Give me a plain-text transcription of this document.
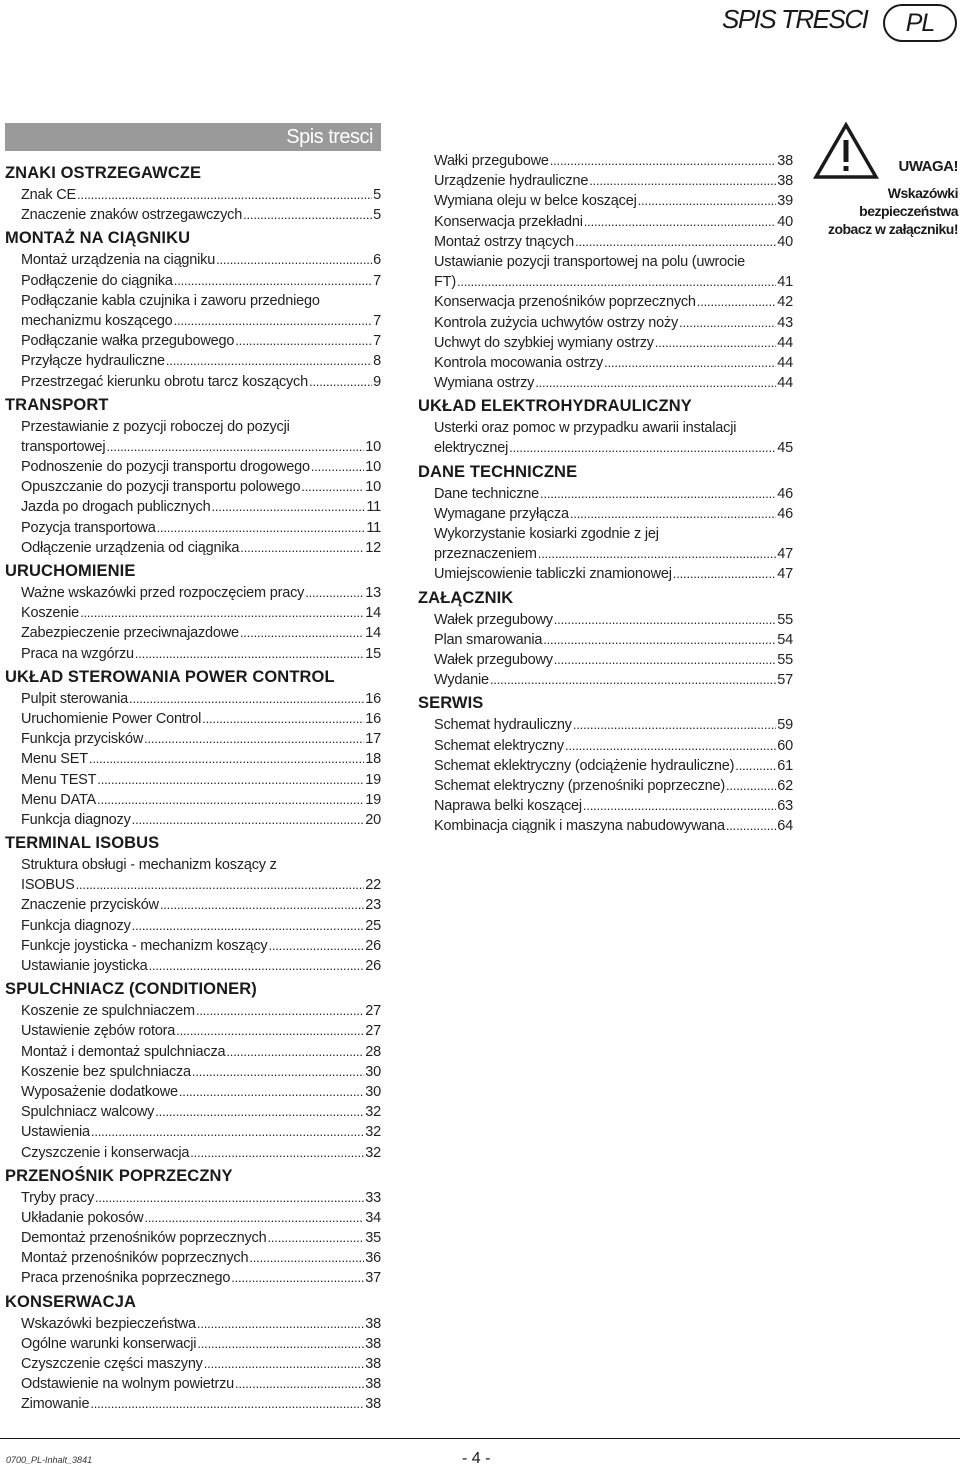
SPIS TRESCI	PL
Spis tresci
ZNAKI OSTRZEGAWCZE
Znak CE .....	5
Znaczenie znaków ostrzegawczych .....	5
MONTAŻ NA CIĄGNIKU
Montaż urządzenia na ciągniku .....	6
Podłączenie do ciągnika .....	7
Podłączanie kabla czujnika i zaworu przedniego
mechanizmu koszącego .....	7
Podłączanie wałka przegubowego .....	7
Przyłącze hydrauliczne .....	8
Przestrzegać kierunku obrotu tarcz koszących .....	9
TRANSPORT
Przestawianie z pozycji roboczej do pozycji
transportowej .....	10
Podnoszenie do pozycji transportu drogowego .....	10
Opuszczanie do pozycji transportu polowego .....	10
Jazda po drogach publicznych .....	11
Pozycja transportowa .....	11
Odłączenie urządzenia od ciągnika .....	12
URUCHOMIENIE
Ważne wskazówki przed rozpoczęciem pracy .....	13
Koszenie .....	14
Zabezpieczenie przeciwnajazdowe .....	14
Praca na wzgórzu .....	15
UKŁAD STEROWANIA POWER CONTROL
Pulpit sterowania .....	16
Uruchomienie Power Control .....	16
Funkcja przycisków .....	17
Menu SET .....	18
Menu TEST .....	19
Menu DATA .....	19
Funkcja diagnozy .....	20
TERMINAL ISOBUS
Struktura obsługi - mechanizm koszący z
ISOBUS .....	22
Znaczenie przycisków .....	23
Funkcja diagnozy .....	25
Funkcje joysticka - mechanizm koszący .....	26
Ustawianie joysticka .....	26
SPULCHNIACZ (CONDITIONER)
Koszenie ze spulchniaczem .....	27
Ustawienie zębów rotora .....	27
Montaż i demontaż spulchniacza .....	28
Koszenie bez spulchniacza .....	30
Wyposażenie dodatkowe .....	30
Spulchniacz walcowy .....	32
Ustawienia .....	32
Czyszczenie i konserwacja .....	32
PRZENOŚNIK POPRZECZNY
Tryby pracy .....	33
Układanie pokosów .....	34
Demontaż przenośników poprzecznych .....	35
Montaż przenośników poprzecznych .....	36
Praca przenośnika poprzecznego .....	37
KONSERWACJA
Wskazówki bezpieczeństwa .....	38
Ogólne warunki konserwacji .....	38
Czyszczenie części maszyny .....	38
Odstawienie na wolnym powietrzu .....	38
Zimowanie .....	38
Wałki przegubowe .....	38
Urządzenie hydrauliczne .....	38
Wymiana oleju w belce koszącej .....	39
Konserwacja przekładni .....	40
Montaż ostrzy tnących .....	40
Ustawianie pozycji transportowej na polu (uwrocie
FT) .....	41
Konserwacja przenośników poprzecznych .....	42
Kontrola zużycia uchwytów ostrzy noży .....	43
Uchwyt do szybkiej wymiany ostrzy .....	44
Kontrola mocowania ostrzy .....	44
Wymiana ostrzy .....	44
UKŁAD ELEKTROHYDRAULICZNY
Usterki oraz pomoc w przypadku awarii instalacji
elektrycznej .....	45
DANE TECHNICZNE
Dane techniczne .....	46
Wymagane przyłącza .....	46
Wykorzystanie kosiarki zgodnie z jej
przeznaczeniem .....	47
Umiejscowienie tabliczki znamionowej .....	47
ZAŁĄCZNIK
Wałek przegubowy .....	55
Plan smarowania .....	54
Wałek przegubowy .....	55
Wydanie .....	57
SERWIS
Schemat hydrauliczny .....	59
Schemat elektryczny .....	60
Schemat eklektryczny (odciążenie hydrauliczne) .....	61
Schemat elektryczny (przenośniki poprzeczne) .....	62
Naprawa belki koszącej .....	63
Kombinacja ciągnik i maszyna nabudowywana .....	64
UWAGA!
Wskazówki bezpieczeństwa zobacz w załączniku!
0700_PL-Inhalt_3841	- 4 -
